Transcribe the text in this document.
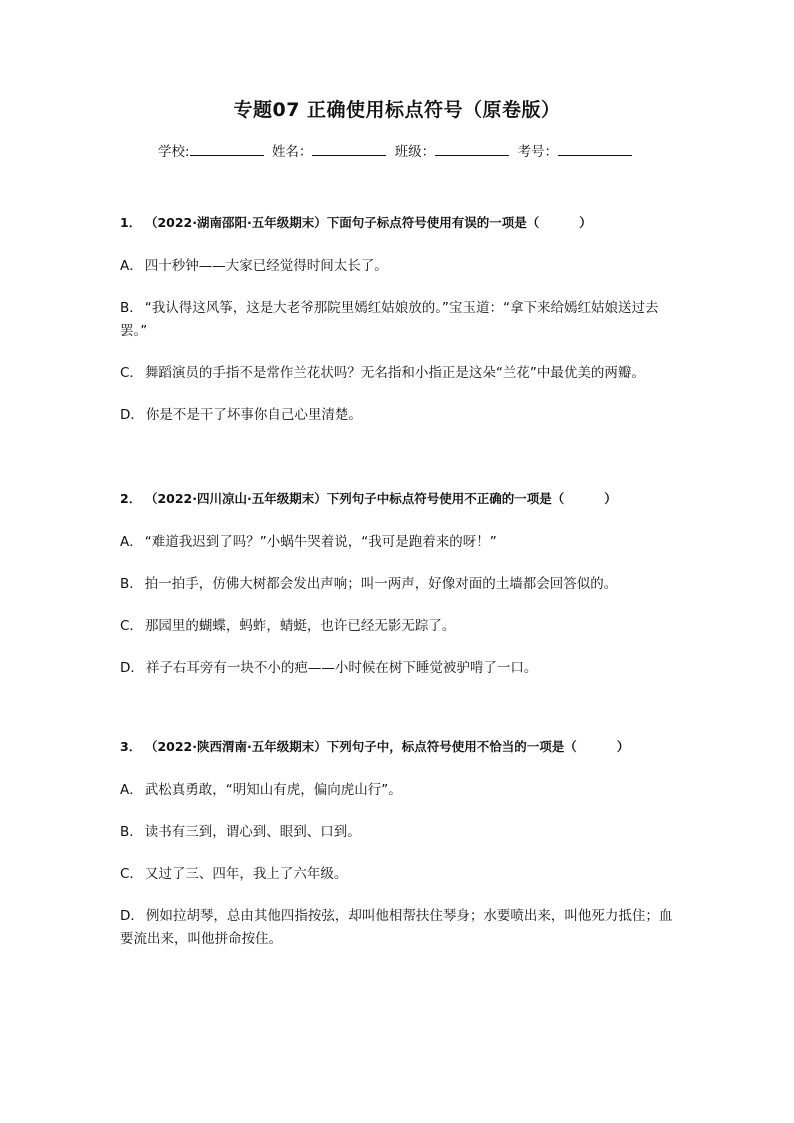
专题07 正确使用标点符号（原卷版）
学校:	姓名：	班级：	考号：
1． （2022·湖南邵阳·五年级期末）下面句子标点符号使用有误的一项是（	）
A． 四十秒钟——大家已经觉得时间太长了。
B． “我认得这风筝，这是大老爷那院里嫣红姑娘放的。”宝玉道：“拿下来给嫣红姑娘送过去罢。”
C． 舞蹈演员的手指不是常作兰花状吗？无名指和小指正是这朵“兰花”中最优美的两瓣。
D． 你是不是干了坏事你自己心里清楚。
2． （2022·四川凉山·五年级期末）下列句子中标点符号使用不正确的一项是（	）
A． “难道我迟到了吗？”小蜗牛哭着说，“我可是跑着来的呀！”
B． 拍一拍手，仿佛大树都会发出声响；叫一两声，好像对面的土墙都会回答似的。
C． 那园里的蝴蝶，蚂蚱，蜻蜓，也许已经无影无踪了。
D． 祥子右耳旁有一块不小的疤——小时候在树下睡觉被驴啃了一口。
3． （2022·陕西渭南·五年级期末）下列句子中，标点符号使用不恰当的一项是（	）
A． 武松真勇敢，“明知山有虎，偏向虎山行”。
B． 读书有三到，谓心到、眼到、口到。
C． 又过了三、四年，我上了六年级。
D． 例如拉胡琴，总由其他四指按弦，却叫他相帮扶住琴身；水要喷出来，叫他死力抵住；血要流出来，叫他拼命按住。
